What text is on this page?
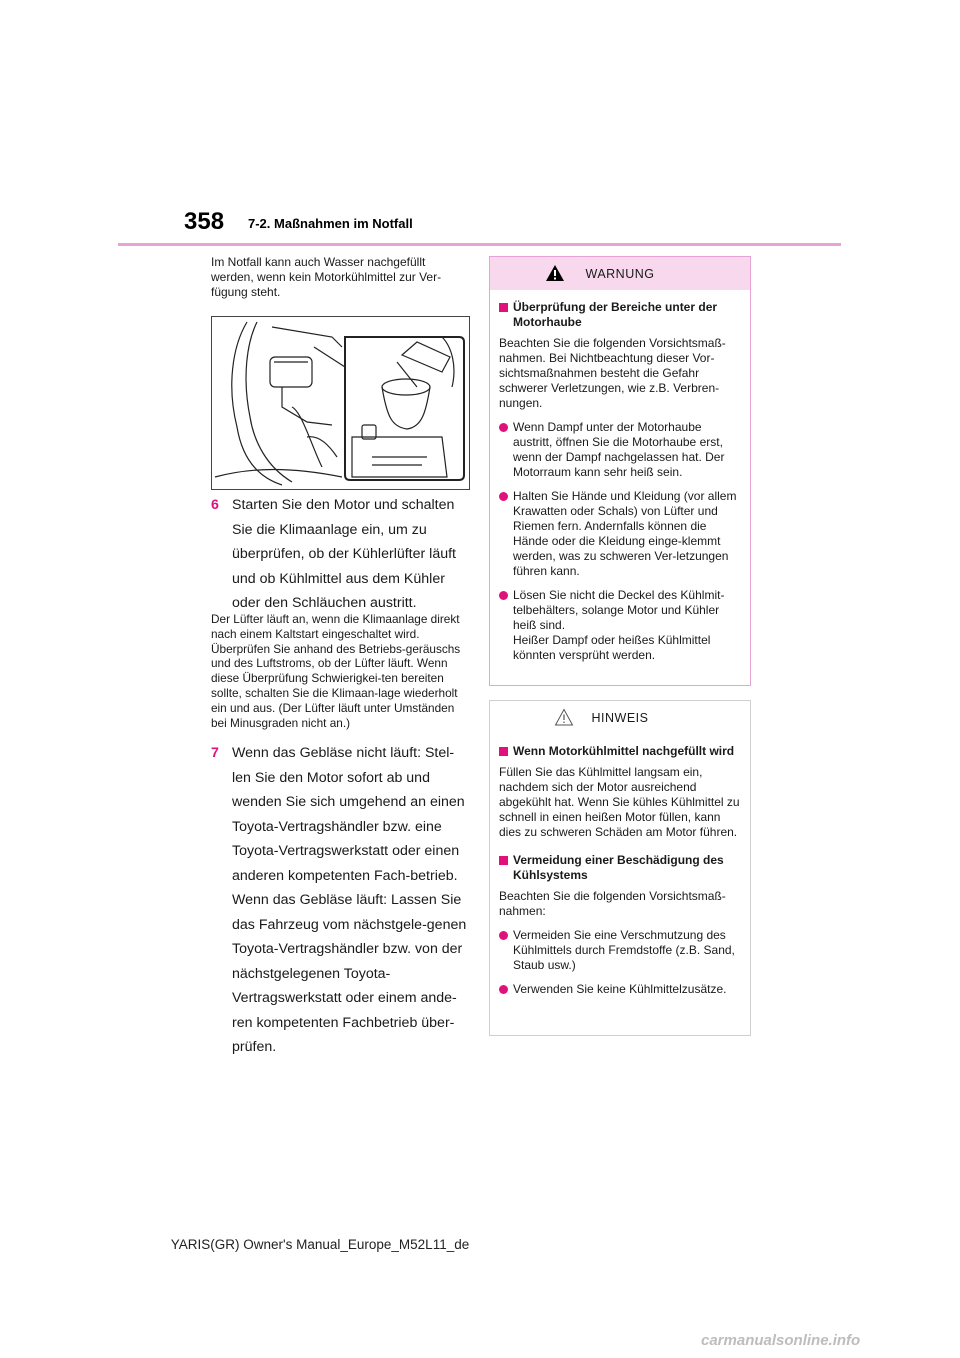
358 7-2. Maßnahmen im Notfall
Im Notfall kann auch Wasser nachgefüllt werden, wenn kein Motorkühlmittel zur Ver-fügung steht.
6 Starten Sie den Motor und schalten Sie die Klimaanlage ein, um zu überprüfen, ob der Kühlerlüfter läuft und ob Kühlmittel aus dem Kühler oder den Schläuchen austritt.
Der Lüfter läuft an, wenn die Klimaanlage direkt nach einem Kaltstart eingeschaltet wird. Überprüfen Sie anhand des Betriebs-geräuschs und des Luftstroms, ob der Lüfter läuft. Wenn diese Überprüfung Schwierigkei-ten bereiten sollte, schalten Sie die Klimaan-lage wiederholt ein und aus. (Der Lüfter läuft unter Umständen bei Minusgraden nicht an.)
7 Wenn das Gebläse nicht läuft: Stel-len Sie den Motor sofort ab und wenden Sie sich umgehend an einen Toyota-Vertragshändler bzw. eine Toyota-Vertragswerkstatt oder einen anderen kompetenten Fach-betrieb.
Wenn das Gebläse läuft: Lassen Sie das Fahrzeug vom nächstgele-genen Toyota-Vertragshändler bzw. von der nächstgelegenen Toyota-Vertragswerkstatt oder einem ande-ren kompetenten Fachbetrieb über-prüfen.
WARNUNG
Überprüfung der Bereiche unter der Motorhaube
Beachten Sie die folgenden Vorsichtsmaß-nahmen. Bei Nichtbeachtung dieser Vor-sichtsmaßnahmen besteht die Gefahr schwerer Verletzungen, wie z.B. Verbren-nungen.
Wenn Dampf unter der Motorhaube austritt, öffnen Sie die Motorhaube erst, wenn der Dampf nachgelassen hat. Der Motorraum kann sehr heiß sein.
Halten Sie Hände und Kleidung (vor allem Krawatten oder Schals) von Lüfter und Riemen fern. Andernfalls können die Hände oder die Kleidung einge-klemmt werden, was zu schweren Ver-letzungen führen kann.
Lösen Sie nicht die Deckel des Kühlmit-telbehälters, solange Motor und Kühler heiß sind.
Heißer Dampf oder heißes Kühlmittel könnten versprüht werden.
HINWEIS
Wenn Motorkühlmittel nachgefüllt wird
Füllen Sie das Kühlmittel langsam ein, nachdem sich der Motor ausreichend abgekühlt hat. Wenn Sie kühles Kühlmittel zu schnell in einen heißen Motor füllen, kann dies zu schweren Schäden am Motor führen.
Vermeidung einer Beschädigung des Kühlsystems
Beachten Sie die folgenden Vorsichtsmaß-nahmen:
Vermeiden Sie eine Verschmutzung des Kühlmittels durch Fremdstoffe (z.B. Sand, Staub usw.)
Verwenden Sie keine Kühlmittelzusätze.
YARIS(GR) Owner's Manual_Europe_M52L11_de
carmanualsonline.info
